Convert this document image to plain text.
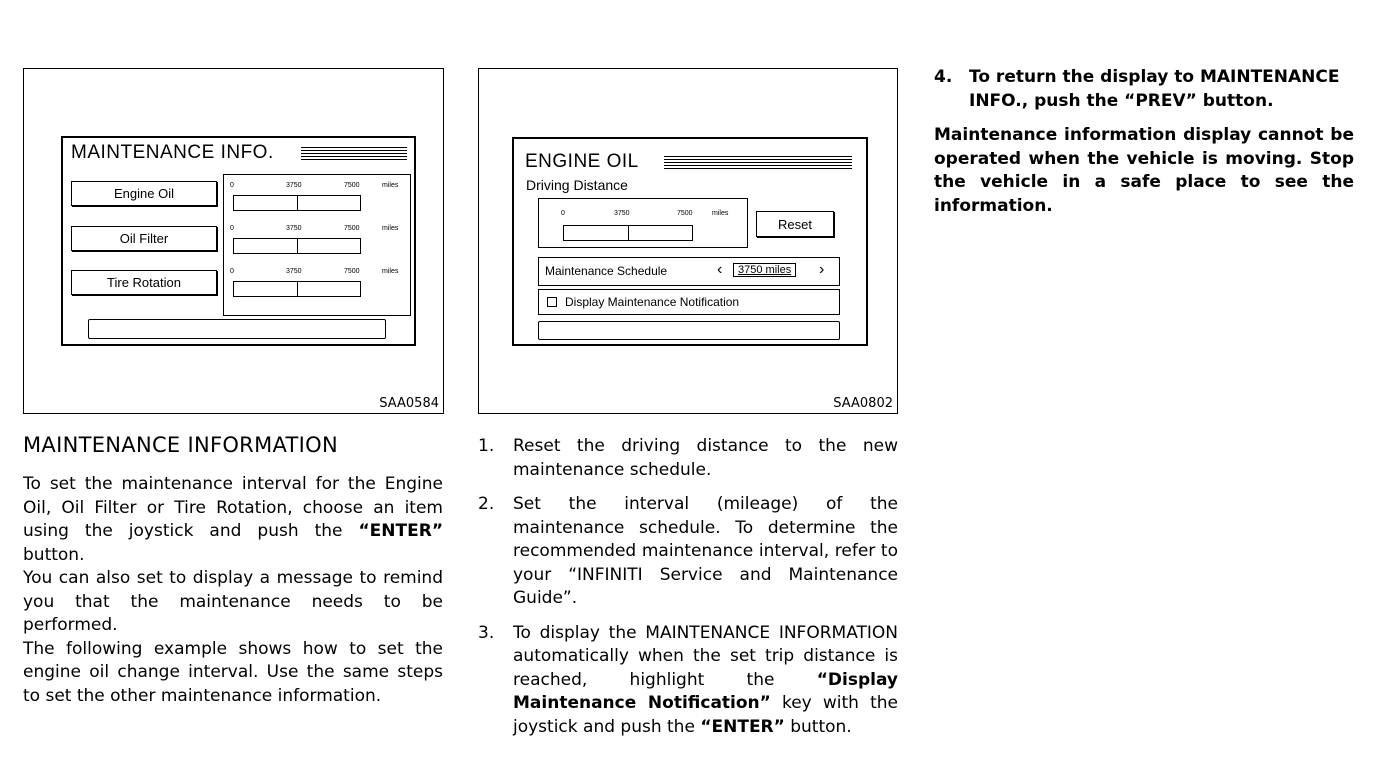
MAINTENANCE INFO.
Engine Oil
Oil Filter
Tire Rotation
0	3750	7500	miles
0	3750	7500	miles
0	3750	7500	miles
SAA0584
ENGINE OIL
Driving Distance
0	3750	7500	miles
Reset
Maintenance Schedule	‹	3750 miles	›
Display Maintenance Notification
SAA0802
MAINTENANCE INFORMATION

To set the maintenance interval for the Engine Oil, Oil Filter or Tire Rotation, choose an item using the joystick and push the “ENTER” button.

You can also set to display a message to remind you that the maintenance needs to be performed.

The following example shows how to set the engine oil change interval. Use the same steps to set the other maintenance information.

1. Reset the driving distance to the new maintenance schedule.
2. Set the interval (mileage) of the maintenance schedule. To determine the recommended maintenance interval, refer to your “INFINITI Service and Maintenance Guide”.
3. To display the MAINTENANCE INFORMATION automatically when the set trip distance is reached, highlight the “Display Maintenance Notification” key with the joystick and push the “ENTER” button.
4. To return the display to MAINTENANCE INFO., push the “PREV” button.

Maintenance information display cannot be operated when the vehicle is moving. Stop the vehicle in a safe place to see the information.
